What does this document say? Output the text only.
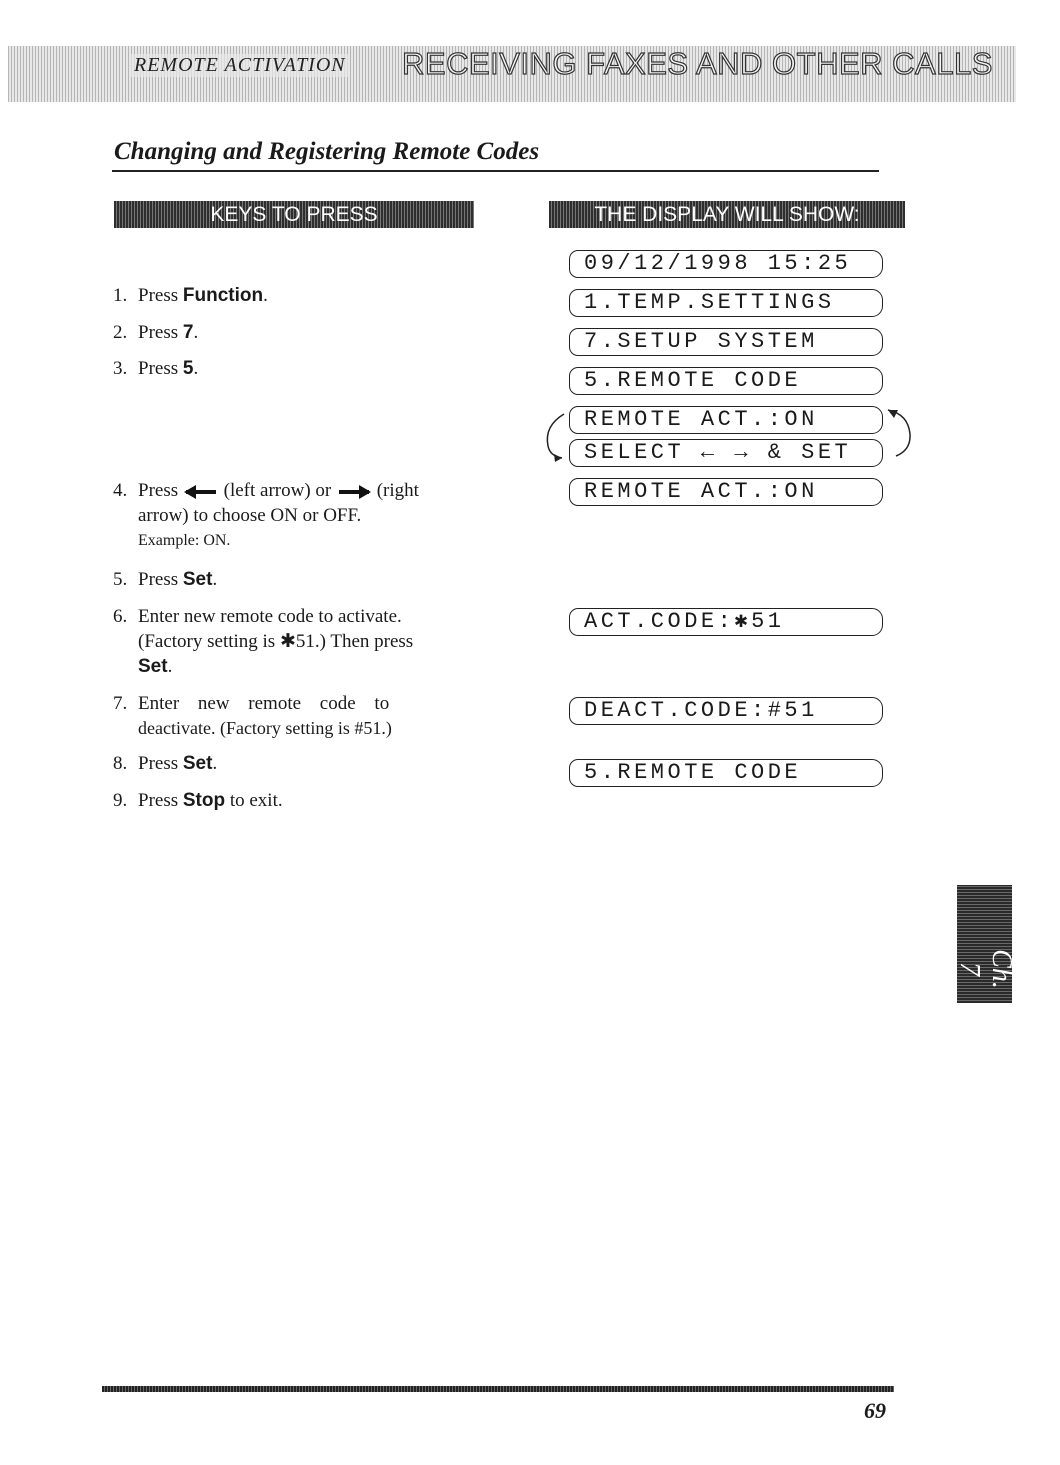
REMOTE ACTIVATION RECEIVING FAXES AND OTHER CALLS
Changing and Registering Remote Codes
KEYS TO PRESS	THE DISPLAY WILL SHOW:
1. Press Function.
2. Press 7.
3. Press 5.
4. Press  (left arrow) or  (right
arrow) to choose ON or OFF.
Example: ON.
5. Press Set.
6. Enter new remote code to activate.
(Factory setting is ✱51.) Then press
Set.
7. Enter new remote code to
deactivate. (Factory setting is #51.)
8. Press Set.
9. Press Stop to exit.
09/12/1998 15:25
1.TEMP.SETTINGS
7.SETUP SYSTEM
5.REMOTE CODE
REMOTE ACT.:ON
SELECT ← → & SET
REMOTE ACT.:ON
ACT.CODE:✱51
DEACT.CODE:#51
5.REMOTE CODE
Ch. 7
69
